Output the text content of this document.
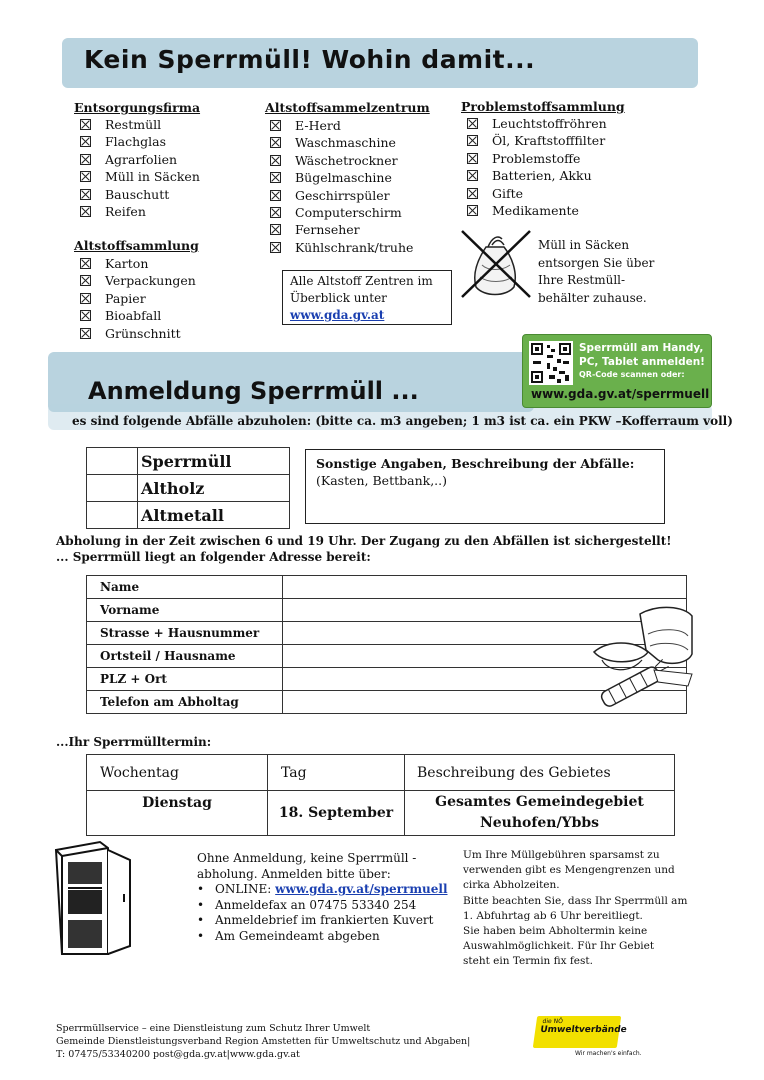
Kein Sperrmüll! Wohin damit...
Entsorgungsfirma
Restmüll
Flachglas
Agrarfolien
Müll in Säcken
Bauschutt
Reifen
Altstoffsammelzentrum
E-Herd
Waschmaschine
Wäschetrockner
Bügelmaschine
Geschirrspüler
Computerschirm
Fernseher
Kühlschrank/truhe
Problemstoffsammlung
Leuchtstoffröhren
Öl, Kraftstofffilter
Problemstoffe
Batterien, Akku
Gifte
Medikamente
Altstoffsammlung
Karton
Verpackungen
Papier
Bioabfall
Grünschnitt
Alle Altstoff Zentren im
Überblick unter
www.gda.gv.at
Müll in Säcken
entsorgen Sie über
Ihre Restmüll-
behälter zuhause.
Anmeldung Sperrmüll ...
es sind folgende Abfälle abzuholen: (bitte ca. m3 angeben; 1 m3 ist ca. ein PKW –Kofferraum voll)
Sperrmüll am Handy,
PC, Tablet anmelden!
QR-Code scannen oder:
www.gda.gv.at/sperrmuell
	Sperrmüll
	Altholz
	Altmetall
Sonstige Angaben, Beschreibung der Abfälle:
(Kasten, Bettbank,..)
Abholung in der Zeit zwischen 6 und 19 Uhr. Der Zugang zu den Abfällen ist sichergestellt!
... Sperrmüll liegt an folgender Adresse bereit:
Name	
Vorname	
Strasse + Hausnummer	
Ortsteil / Hausname	
PLZ + Ort	
Telefon am Abholtag	
...Ihr Sperrmülltermin:
Wochentag	Tag	Beschreibung des Gebietes
Dienstag	18. September	Gesamtes Gemeindegebiet
Neuhofen/Ybbs
Ohne Anmeldung, keine Sperrmüll -
abholung. Anmelden bitte über:
• ONLINE: www.gda.gv.at/sperrmuell
• Anmeldefax an 07475 53340 254
• Anmeldebrief im frankierten Kuvert
• Am Gemeindeamt abgeben
Um Ihre Müllgebühren sparsamst zu
verwenden gibt es Mengengrenzen und
cirka Abholzeiten.
Bitte beachten Sie, dass Ihr Sperrmüll am
1. Abfuhrtag ab 6 Uhr bereitliegt.
Sie haben beim Abholtermin keine
Auswahlmöglichkeit. Für Ihr Gebiet
steht ein Termin fix fest.
Sperrmüllservice – eine Dienstleistung zum Schutz Ihrer Umwelt
Gemeinde Dienstleistungsverband Region Amstetten für Umweltschutz und Abgaben|
T: 07475/53340200 post@gda.gv.at|www.gda.gv.at
die NÖ
Umweltverbände
Wir machen's einfach.
